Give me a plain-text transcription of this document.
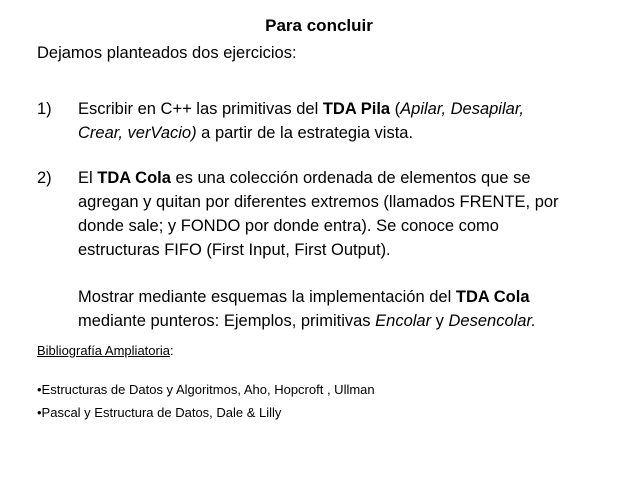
Para concluir
Dejamos planteados dos ejercicios:
1)	Escribir en C++ las primitivas del TDA Pila (Apilar, Desapilar,
Crear, verVacio) a partir de la estrategia vista.
2)	El TDA Cola es una colección ordenada de elementos que se
agregan y quitan por diferentes extremos (llamados FRENTE, por
donde sale; y FONDO por donde entra). Se conoce como
estructuras FIFO (First Input, First Output).
Mostrar mediante esquemas la implementación del TDA Cola
mediante punteros: Ejemplos, primitivas Encolar y Desencolar.
Bibliografía Ampliatoria:
•Estructuras de Datos y Algoritmos, Aho, Hopcroft , Ullman
•Pascal y Estructura de Datos, Dale & Lilly
